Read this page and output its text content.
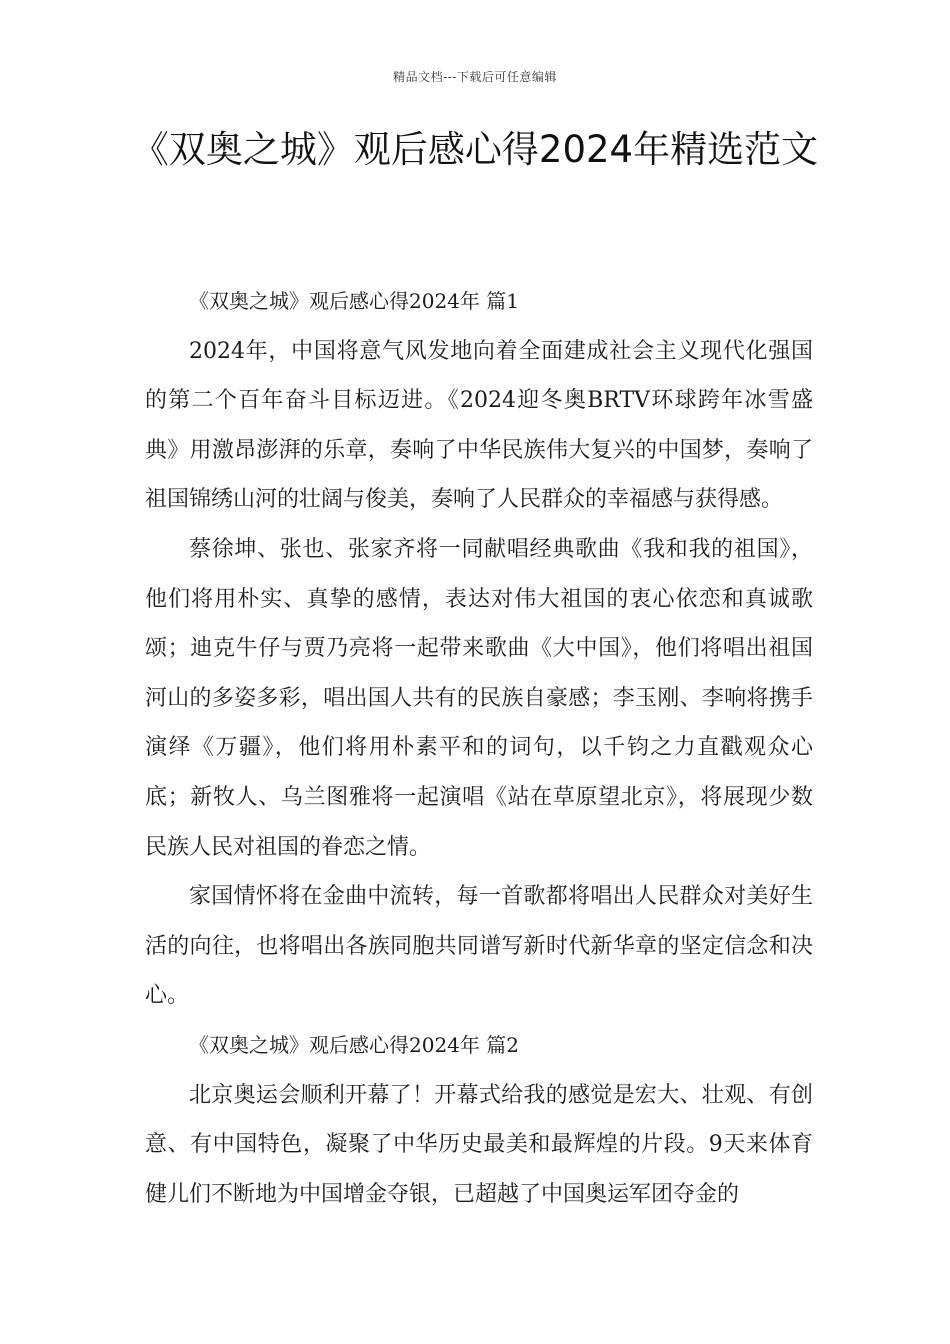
精品文档---下载后可任意编辑
《双奥之城》观后感心得2024年精选范文

《双奥之城》观后感心得2024年 篇1

2024年，中国将意气风发地向着全面建成社会主义现代化强国的第二个百年奋斗目标迈进。《2024迎冬奥BRTV环球跨年冰雪盛典》用激昂澎湃的乐章，奏响了中华民族伟大复兴的中国梦，奏响了祖国锦绣山河的壮阔与俊美，奏响了人民群众的幸福感与获得感。

蔡徐坤、张也、张家齐将一同献唱经典歌曲《我和我的祖国》，他们将用朴实、真挚的感情，表达对伟大祖国的衷心依恋和真诚歌颂；迪克牛仔与贾乃亮将一起带来歌曲《大中国》，他们将唱出祖国河山的多姿多彩，唱出国人共有的民族自豪感；李玉刚、李响将携手演绎《万疆》，他们将用朴素平和的词句，以千钧之力直戳观众心底；新牧人、乌兰图雅将一起演唱《站在草原望北京》，将展现少数民族人民对祖国的眷恋之情。

家国情怀将在金曲中流转，每一首歌都将唱出人民群众对美好生活的向往，也将唱出各族同胞共同谱写新时代新华章的坚定信念和决心。

《双奥之城》观后感心得2024年 篇2

北京奥运会顺利开幕了！开幕式给我的感觉是宏大、壮观、有创意、有中国特色，凝聚了中华历史最美和最辉煌的片段。9天来体育健儿们不断地为中国增金夺银，已超越了中国奥运军团夺金的
